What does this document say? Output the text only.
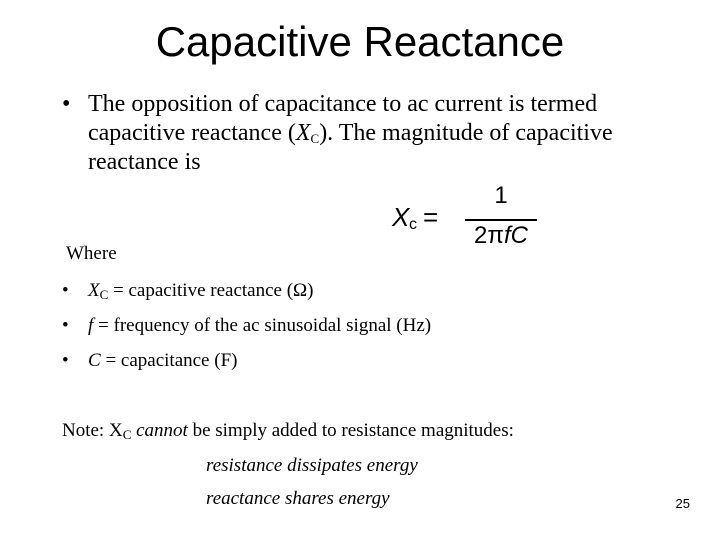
Capacitive Reactance
• The opposition of capacitance to ac current is termed capacitive reactance $(X_C)$. The magnitude of capacitive reactance is
X c =
1
2πfC
Where
• $X_C$ = capacitive reactance (Ω)
• f = frequency of the ac sinusoidal signal (Hz)
• C = capacitance (F)
Note: $X_C$ cannot be simply added to resistance magnitudes:
resistance dissipates energy
reactance shares energy	25
